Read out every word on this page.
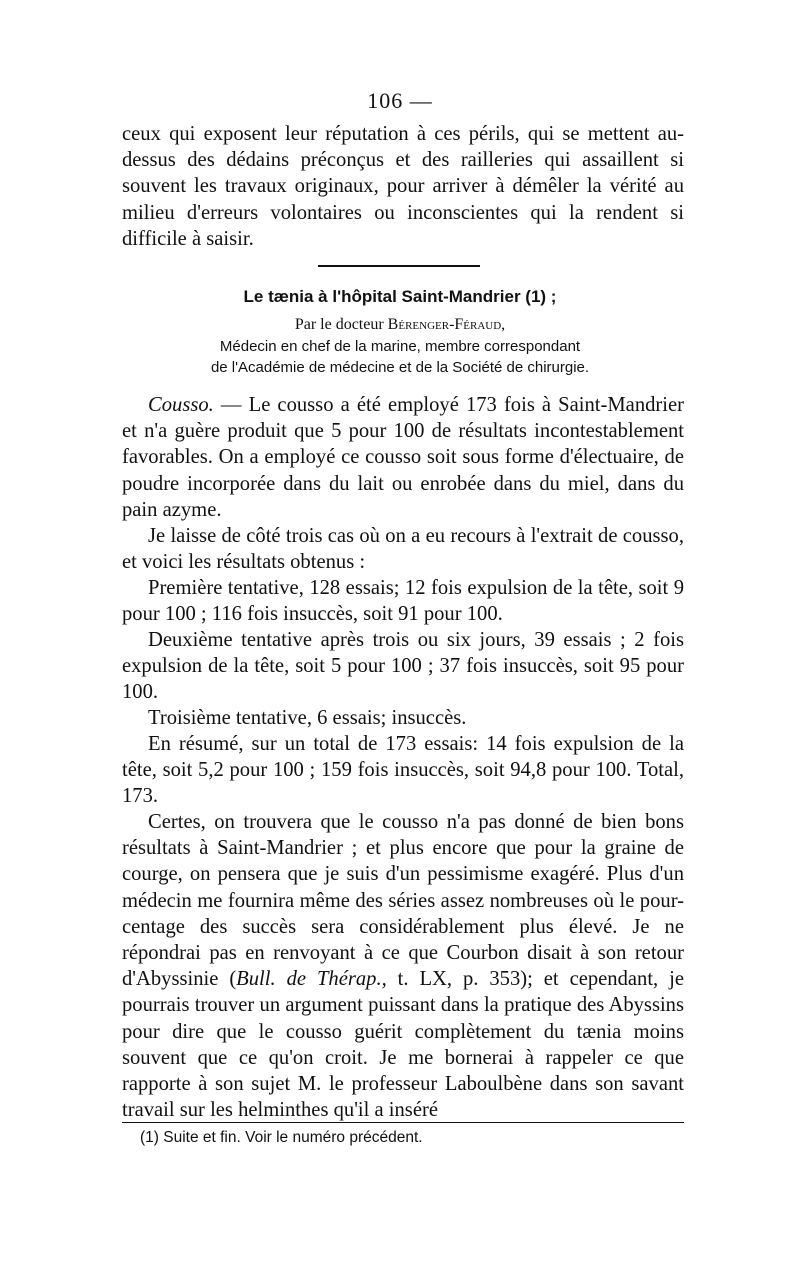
106 —

ceux qui exposent leur réputation à ces périls, qui se mettent au-dessus des dédains préconçus et des railleries qui assaillent si souvent les travaux originaux, pour arriver à démêler la vérité au milieu d'erreurs volontaires ou inconscientes qui la rendent si difficile à saisir.

Le tænia à l'hôpital Saint-Mandrier (1) ;
Par le docteur Bérenger-Féraud,
Médecin en chef de la marine, membre correspondant
de l'Académie de médecine et de la Société de chirurgie.

Cousso. — Le cousso a été employé 173 fois à Saint-Mandrier et n'a guère produit que 5 pour 100 de résultats incontestablement favorables. On a employé ce cousso soit sous forme d'électuaire, de poudre incorporée dans du lait ou enrobée dans du miel, dans du pain azyme.

Je laisse de côté trois cas où on a eu recours à l'extrait de cousso, et voici les résultats obtenus :

Première tentative, 128 essais; 12 fois expulsion de la tête, soit 9 pour 100 ; 116 fois insuccès, soit 91 pour 100.

Deuxième tentative après trois ou six jours, 39 essais ; 2 fois expulsion de la tête, soit 5 pour 100 ; 37 fois insuccès, soit 95 pour 100.

Troisième tentative, 6 essais; insuccès.

En résumé, sur un total de 173 essais: 14 fois expulsion de la tête, soit 5,2 pour 100 ; 159 fois insuccès, soit 94,8 pour 100. Total, 173.

Certes, on trouvera que le cousso n'a pas donné de bien bons résultats à Saint-Mandrier ; et plus encore que pour la graine de courge, on pensera que je suis d'un pessimisme exagéré. Plus d'un médecin me fournira même des séries assez nombreuses où le pour-centage des succès sera considérablement plus élevé. Je ne répondrai pas en renvoyant à ce que Courbon disait à son retour d'Abyssinie (Bull. de Thérap., t. LX, p. 353); et cependant, je pourrais trouver un argument puissant dans la pratique des Abyssins pour dire que le cousso guérit complètement du tænia moins souvent que ce qu'on croit. Je me bornerai à rappeler ce que rapporte à son sujet M. le professeur Laboulbène dans son savant travail sur les helminthes qu'il a inséré

(1) Suite et fin. Voir le numéro précédent.
